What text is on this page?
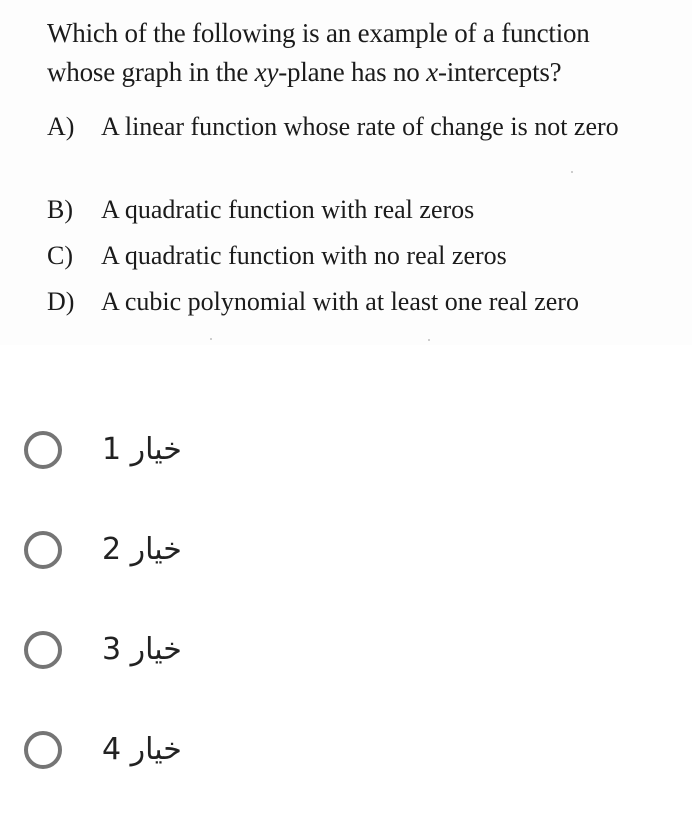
Which of the following is an example of a function
whose graph in the xy-plane has no x-intercepts?
A)	A linear function whose rate of change is not zero
B)	A quadratic function with real zeros
C)	A quadratic function with no real zeros
D)	A cubic polynomial with at least one real zero
خيار 1
خيار 2
خيار 3
خيار 4
